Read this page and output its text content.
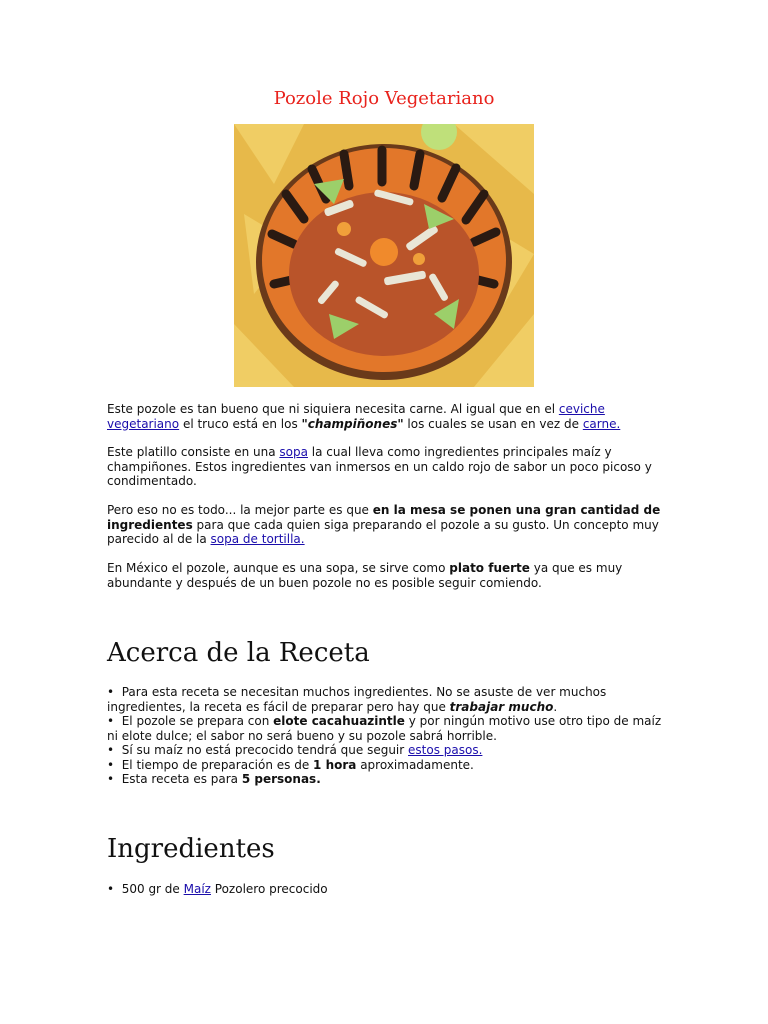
Pozole Rojo Vegetariano

Este pozole es tan bueno que ni siquiera necesita carne. Al igual que en el ceviche vegetariano el truco está en los "champiñones" los cuales se usan en vez de carne.

Este platillo consiste en una sopa la cual lleva como ingredientes principales maíz y champiñones. Estos ingredientes van inmersos en un caldo rojo de sabor un poco picoso y condimentado.

Pero eso no es todo... la mejor parte es que en la mesa se ponen una gran cantidad de ingredientes para que cada quien siga preparando el pozole a su gusto. Un concepto muy parecido al de la sopa de tortilla.

En México el pozole, aunque es una sopa, se sirve como plato fuerte ya que es muy abundante y después de un buen pozole no es posible seguir comiendo.

Acerca de la Receta
• Para esta receta se necesitan muchos ingredientes. No se asuste de ver muchos ingredientes, la receta es fácil de preparar pero hay que trabajar mucho.
• El pozole se prepara con elote cacahuazintle y por ningún motivo use otro tipo de maíz ni elote dulce; el sabor no será bueno y su pozole sabrá horrible.
• Sí su maíz no está precocido tendrá que seguir estos pasos.
• El tiempo de preparación es de 1 hora aproximadamente.
• Esta receta es para 5 personas.
Ingredientes
• 500 gr de Maíz Pozolero precocido
